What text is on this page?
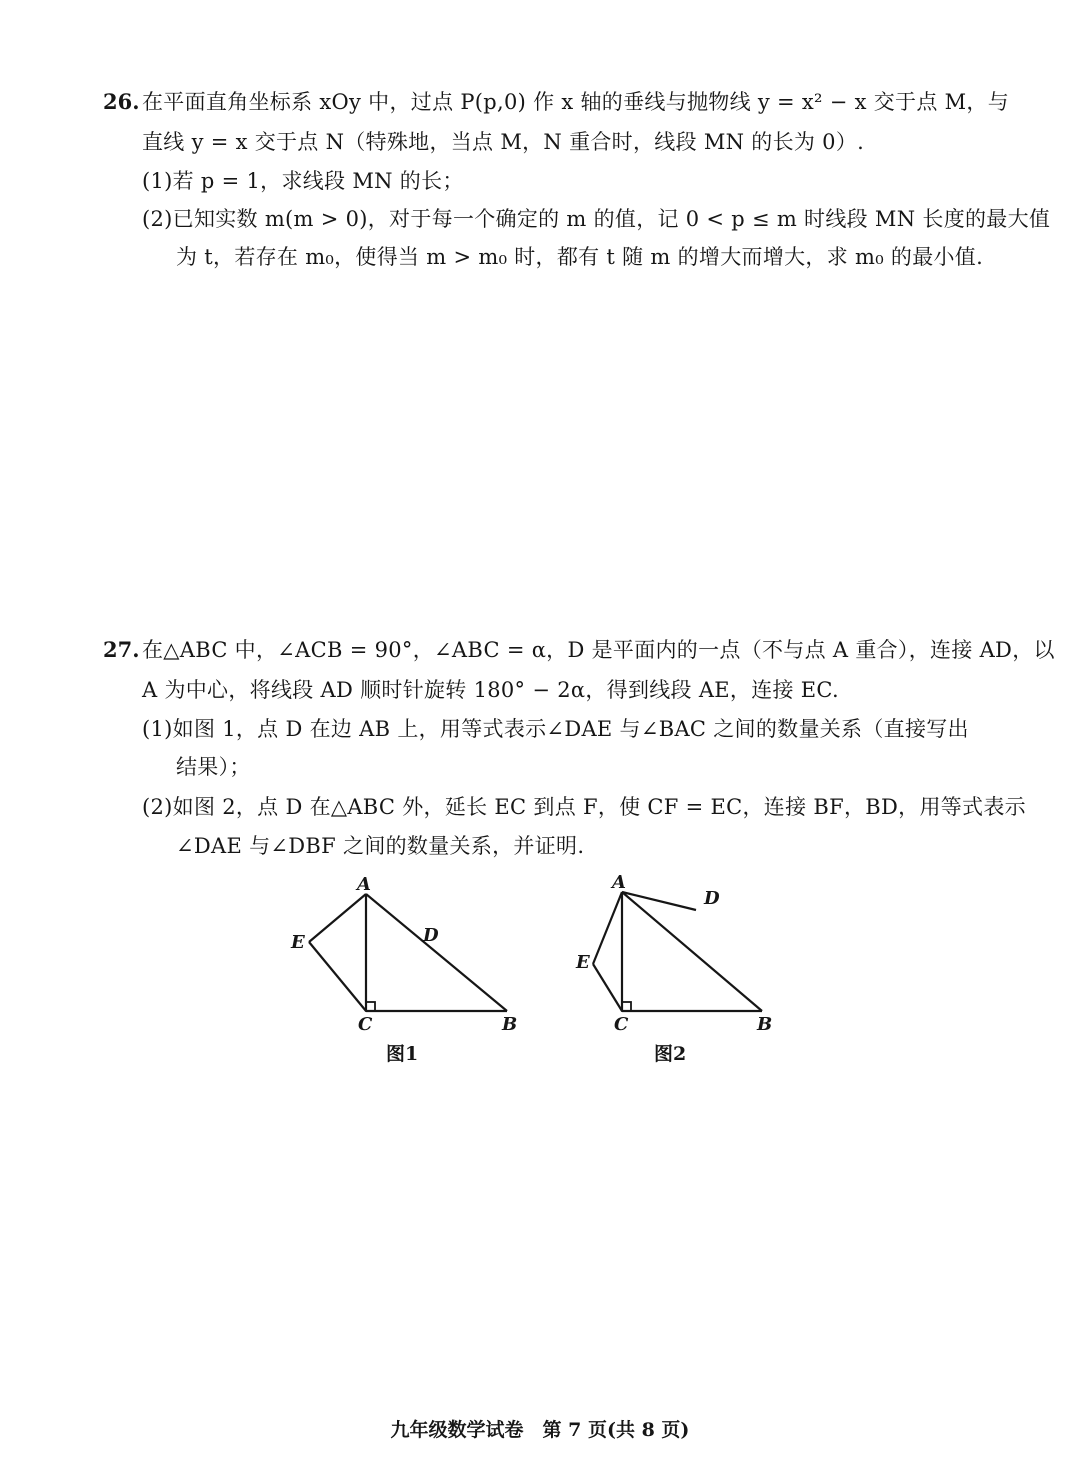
26. 在平面直角坐标系 xOy 中，过点 P(p,0) 作 x 轴的垂线与抛物线 y = x² − x 交于点 M，与
直线 y = x 交于点 N（特殊地，当点 M，N 重合时，线段 MN 的长为 0）.
(1)若 p = 1，求线段 MN 的长；
(2)已知实数 m(m > 0)，对于每一个确定的 m 的值，记 0 < p ≤ m 时线段 MN 长度的最大值
为 t，若存在 m₀，使得当 m > m₀ 时，都有 t 随 m 的增大而增大，求 m₀ 的最小值.
27. 在△ABC 中，∠ACB = 90°，∠ABC = α，D 是平面内的一点（不与点 A 重合），连接 AD，以
A 为中心，将线段 AD 顺时针旋转 180° − 2α，得到线段 AE，连接 EC.
(1)如图 1，点 D 在边 AB 上，用等式表示∠DAE 与∠BAC 之间的数量关系（直接写出
结果）；
(2)如图 2，点 D 在△ABC 外，延长 EC 到点 F，使 CF = EC，连接 BF，BD，用等式表示
∠DAE 与∠DBF 之间的数量关系，并证明.
A
E	D
C	B
图1
A
D
E
C	B
图2
九年级数学试卷　第 7 页(共 8 页)
